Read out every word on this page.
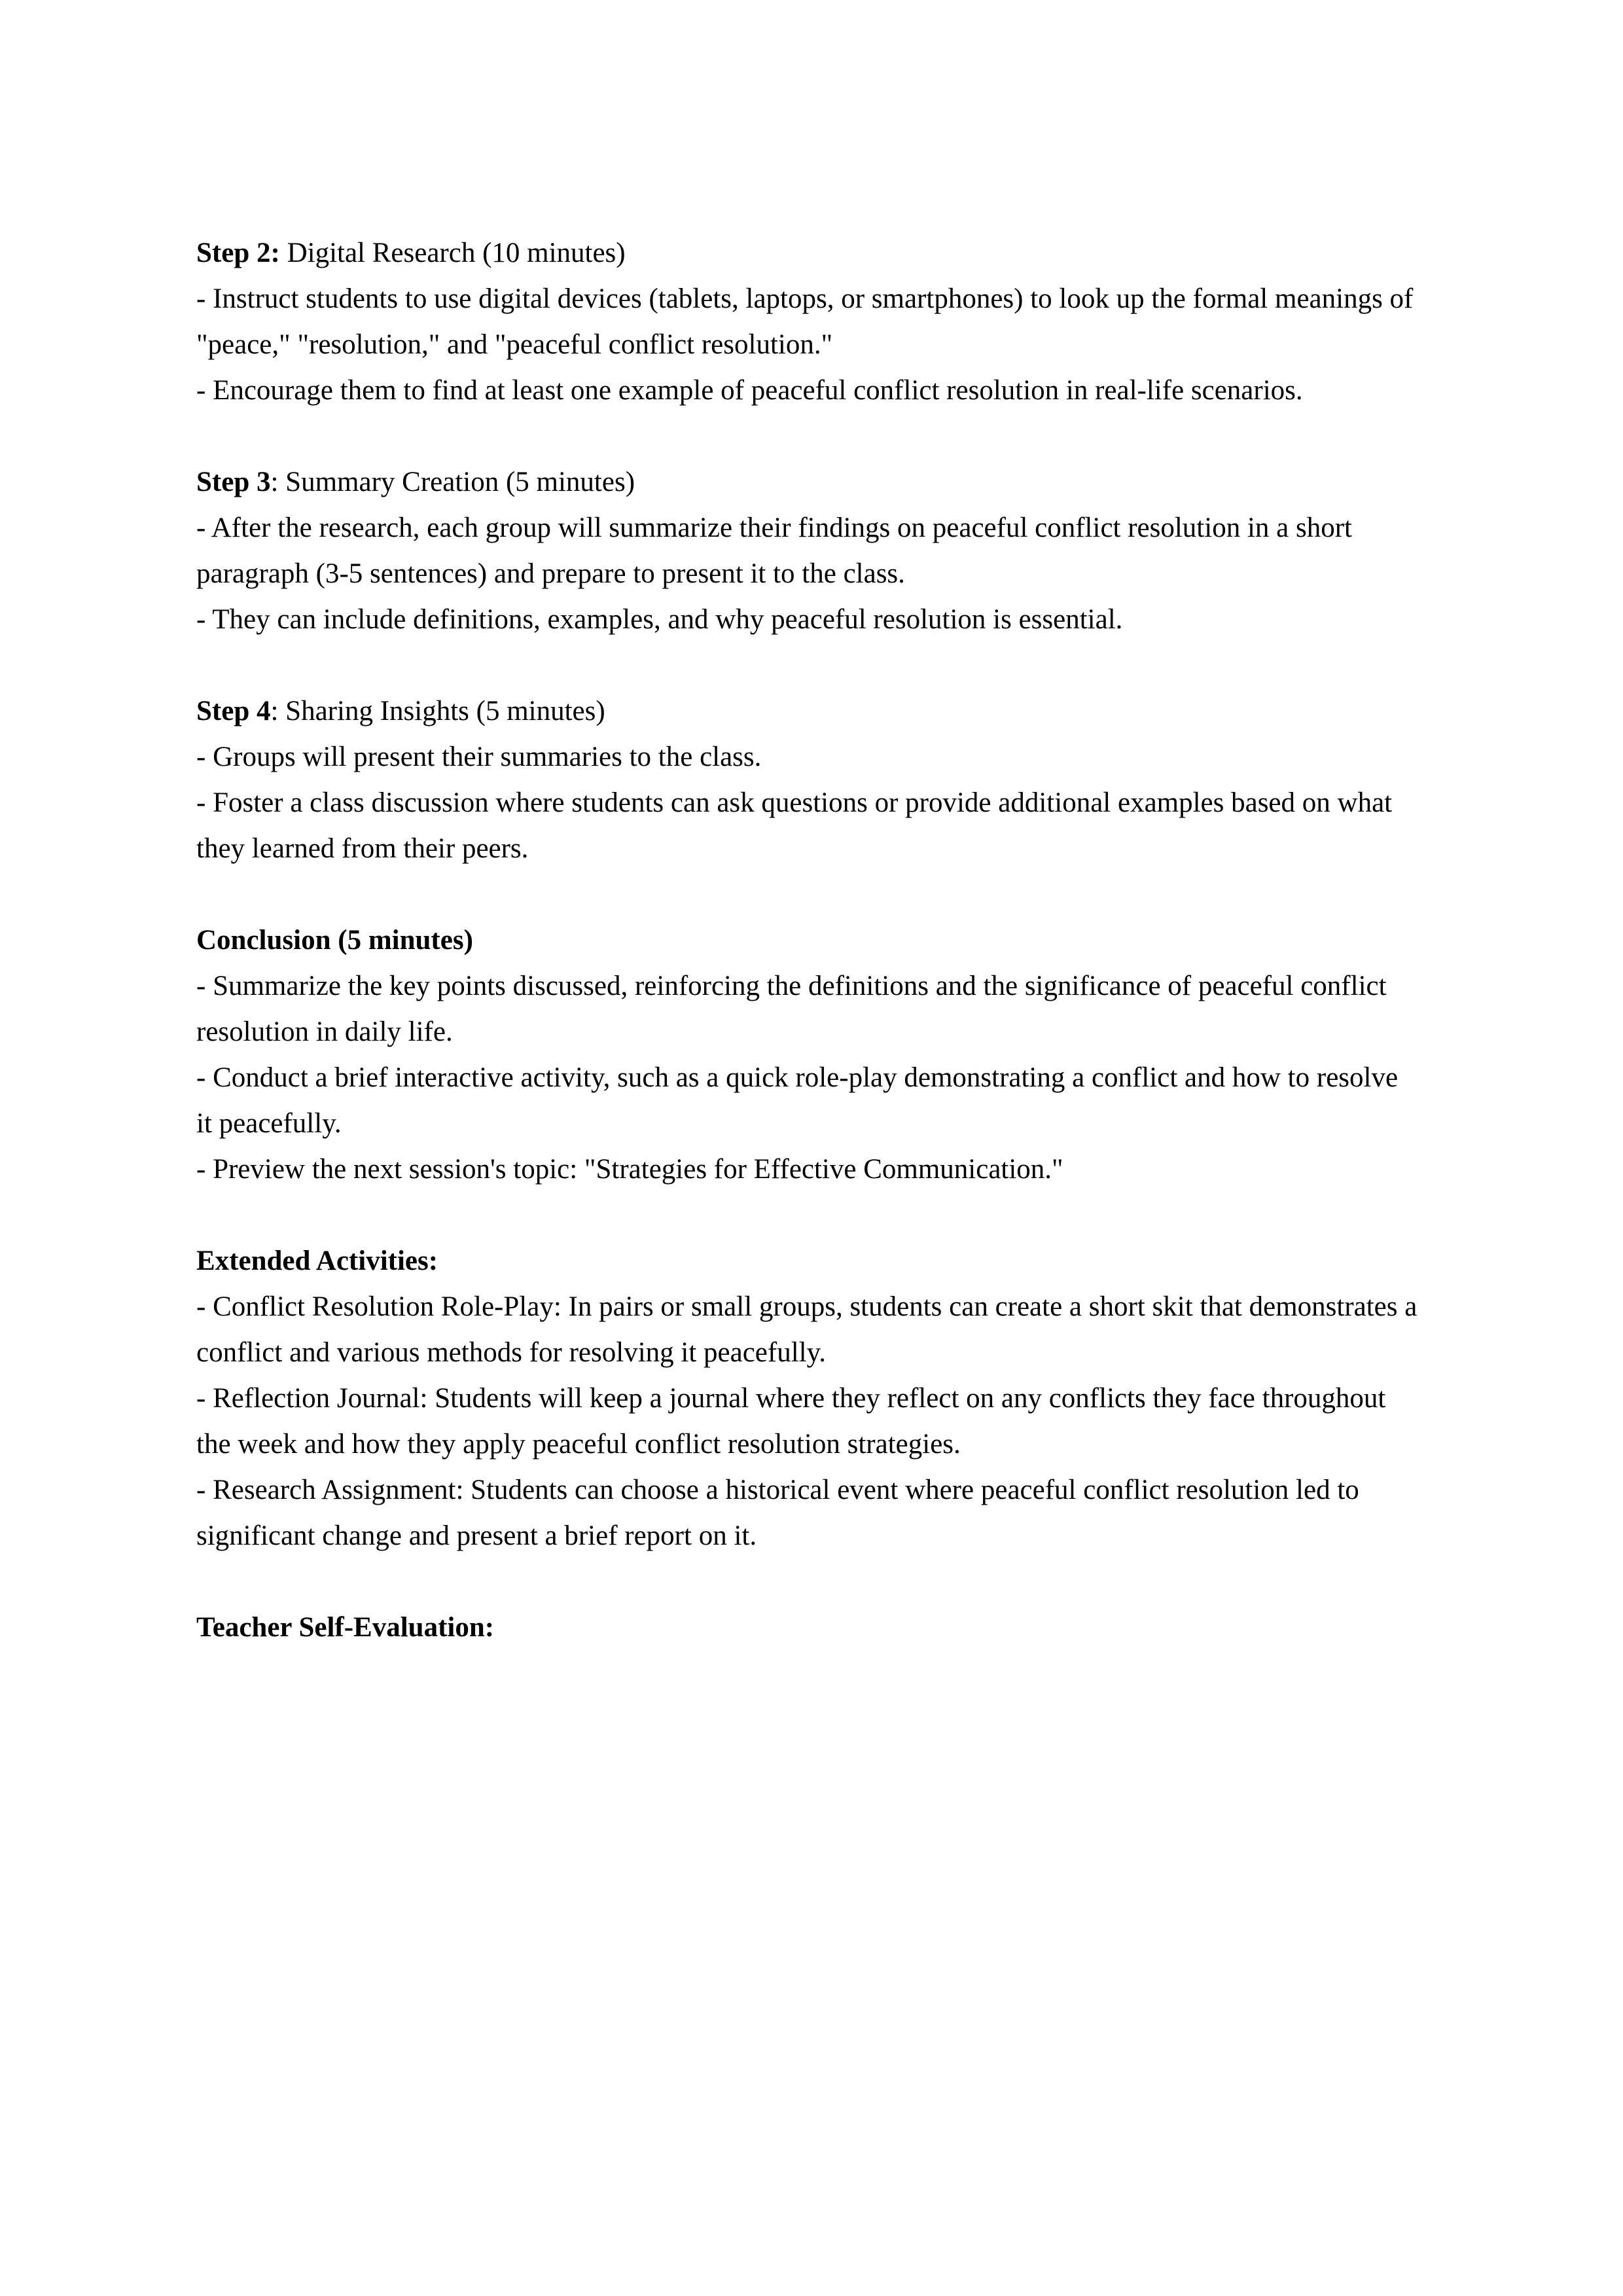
Step 2: Digital Research (10 minutes)

- Instruct students to use digital devices (tablets, laptops, or smartphones) to look up the formal meanings of "peace," "resolution," and "peaceful conflict resolution."

- Encourage them to find at least one example of peaceful conflict resolution in real-life scenarios.

Step 3: Summary Creation (5 minutes)

- After the research, each group will summarize their findings on peaceful conflict resolution in a short paragraph (3-5 sentences) and prepare to present it to the class.

- They can include definitions, examples, and why peaceful resolution is essential.

Step 4: Sharing Insights (5 minutes)

- Groups will present their summaries to the class.

- Foster a class discussion where students can ask questions or provide additional examples based on what they learned from their peers.

Conclusion (5 minutes)

- Summarize the key points discussed, reinforcing the definitions and the significance of peaceful conflict resolution in daily life.

- Conduct a brief interactive activity, such as a quick role-play demonstrating a conflict and how to resolve it peacefully.

- Preview the next session's topic: "Strategies for Effective Communication."

Extended Activities:

- Conflict Resolution Role-Play: In pairs or small groups, students can create a short skit that demonstrates a conflict and various methods for resolving it peacefully.

- Reflection Journal: Students will keep a journal where they reflect on any conflicts they face throughout the week and how they apply peaceful conflict resolution strategies.

- Research Assignment: Students can choose a historical event where peaceful conflict resolution led to significant change and present a brief report on it.

Teacher Self-Evaluation:
